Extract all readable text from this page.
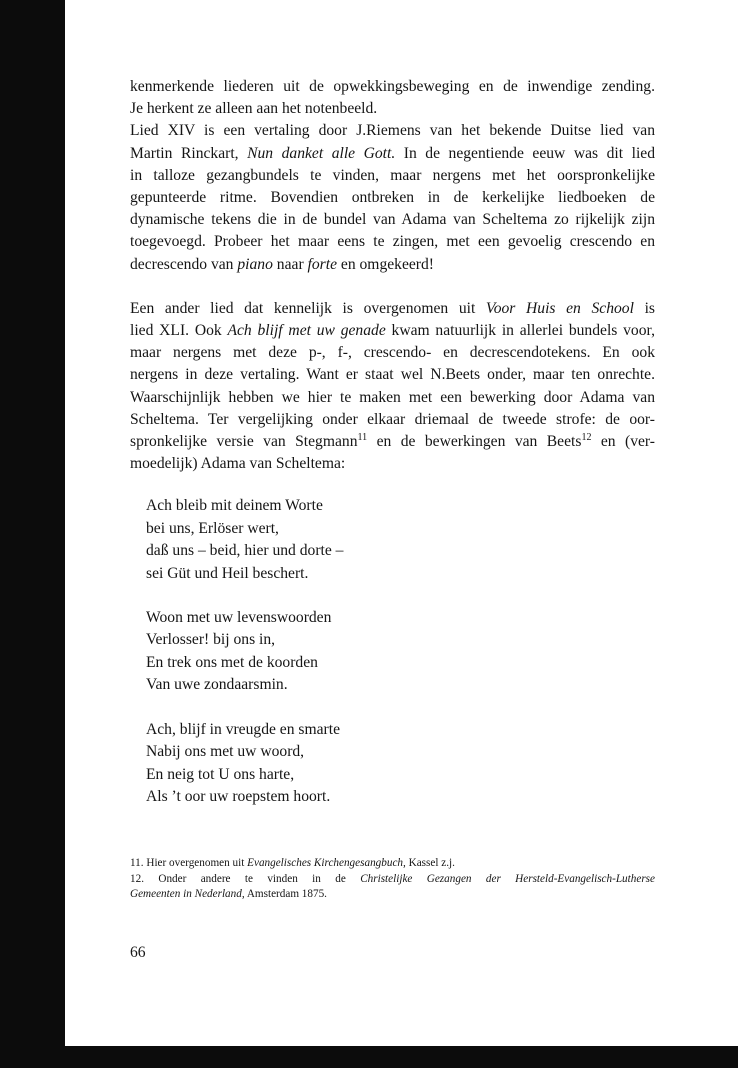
kenmerkende liederen uit de opwekkingsbeweging en de inwendige zending.
Je herkent ze alleen aan het notenbeeld.

Lied XIV is een vertaling door J.Riemens van het bekende Duitse lied van
Martin Rinckart, Nun danket alle Gott. In de negentiende eeuw was dit lied
in talloze gezangbundels te vinden, maar nergens met het oorspronkelijke
gepunteerde ritme. Bovendien ontbreken in de kerkelijke liedboeken de
dynamische tekens die in de bundel van Adama van Scheltema zo rijkelijk zijn
toegevoegd. Probeer het maar eens te zingen, met een gevoelig crescendo en
decrescendo van piano naar forte en omgekeerd!

Een ander lied dat kennelijk is overgenomen uit Voor Huis en School is
lied XLI. Ook Ach blijf met uw genade kwam natuurlijk in allerlei bundels voor,
maar nergens met deze p-, f-, crescendo- en decrescendotekens. En ook
nergens in deze vertaling. Want er staat wel N.Beets onder, maar ten onrechte.
Waarschijnlijk hebben we hier te maken met een bewerking door Adama van
Scheltema. Ter vergelijking onder elkaar driemaal de tweede strofe: de oor-
spronkelijke versie van Stegmann$^{11}$ en de bewerkingen van Beets$^{12}$ en (ver-
moedelijk) Adama van Scheltema:

Ach bleib mit deinem Worte
bei uns, Erlöser wert,
daß uns – beid, hier und dorte –
sei Güt und Heil beschert.
Woon met uw levenswoorden
Verlosser! bij ons in,
En trek ons met de koorden
Van uwe zondaarsmin.
Ach, blijf in vreugde en smarte
Nabij ons met uw woord,
En neig tot U ons harte,
Als ’t oor uw roepstem hoort.
11. Hier overgenomen uit Evangelisches Kirchengesangbuch, Kassel z.j.
12. Onder andere te vinden in de Christelijke Gezangen der Hersteld-Evangelisch-Lutherse
Gemeenten in Nederland, Amsterdam 1875.
66
